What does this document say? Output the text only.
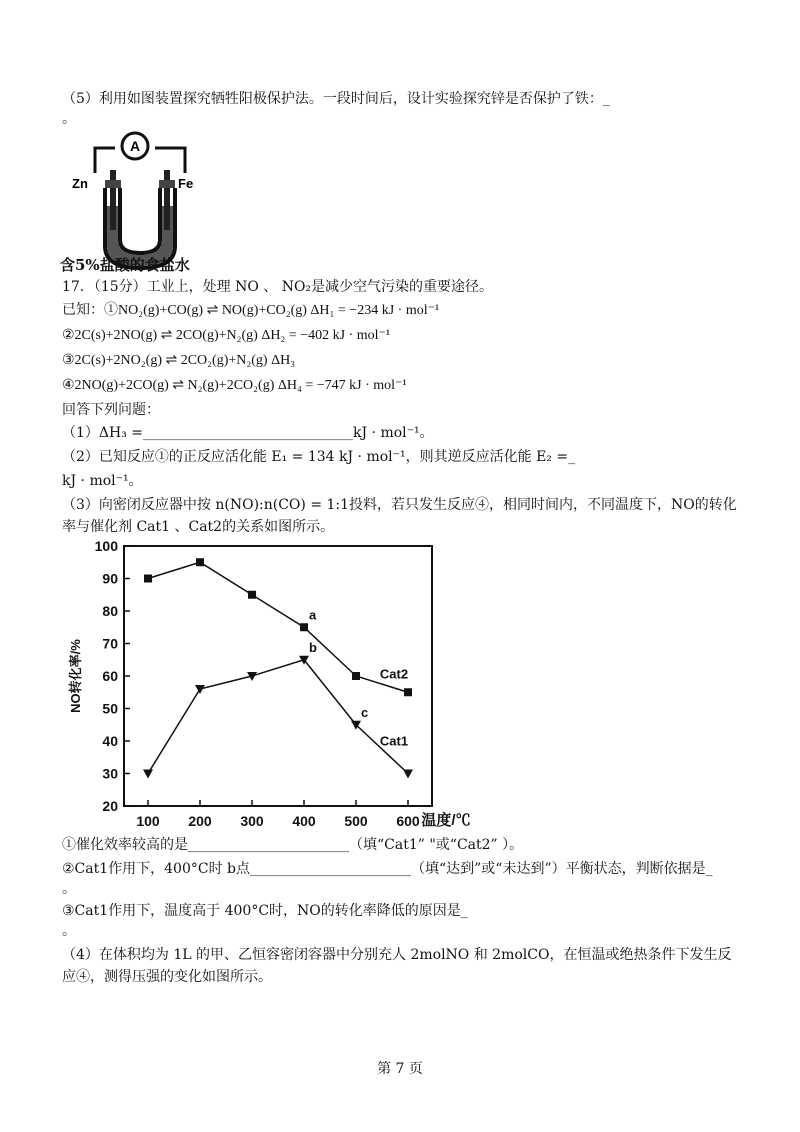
（5）利用如图装置探究牺牲阳极保护法。一段时间后，设计实验探究锌是否保护了铁：_
。
A
Zn	Fe
含5%盐酸的食盐水
17．（15分）工业上，处理 NO 、 NO₂是减少空气污染的重要途径。
已知：①NO₂(g)+CO(g) ⇌ NO(g)+CO₂(g) ΔH₁ = −234 kJ · mol⁻¹
②2C(s)+2NO(g) ⇌ 2CO(g)+N₂(g) ΔH₂ = −402 kJ · mol⁻¹
③2C(s)+2NO₂(g) ⇌ 2CO₂(g)+N₂(g) ΔH₃
④2NO(g)+2CO(g) ⇌ N₂(g)+2CO₂(g) ΔH₄ = −747 kJ · mol⁻¹
回答下列问题：
（1）ΔH₃ =______________________________kJ · mol⁻¹。
（2）已知反应①的正反应活化能 E₁ = 134 kJ · mol⁻¹，则其逆反应活化能 E₂ =_
kJ · mol⁻¹。
（3）向密闭反应器中按 n(NO):n(CO) = 1:1投料，若只发生反应④，相同时间内，不同温度下，NO的转化
率与催化剂 Cat1 、Cat2的关系如图所示。
20
30
40
50
60
70
80
90
100
100 200 300 400 500 600
Cat2
Cat1
a
b
c
NO转化率/%
温度/℃
①催化效率较高的是_______________________（填“Cat1” "或“Cat2” ）。
②Cat1作用下，400°C时 b点_______________________（填“达到”或“未达到”）平衡状态，判断依据是_
。
③Cat1作用下，温度高于 400°C时，NO的转化率降低的原因是_
。
（4）在体积均为 1L 的甲、乙恒容密闭容器中分别充人 2molNO 和 2molCO，在恒温或绝热条件下发生反
应④，测得压强的变化如图所示。
第 7 页
